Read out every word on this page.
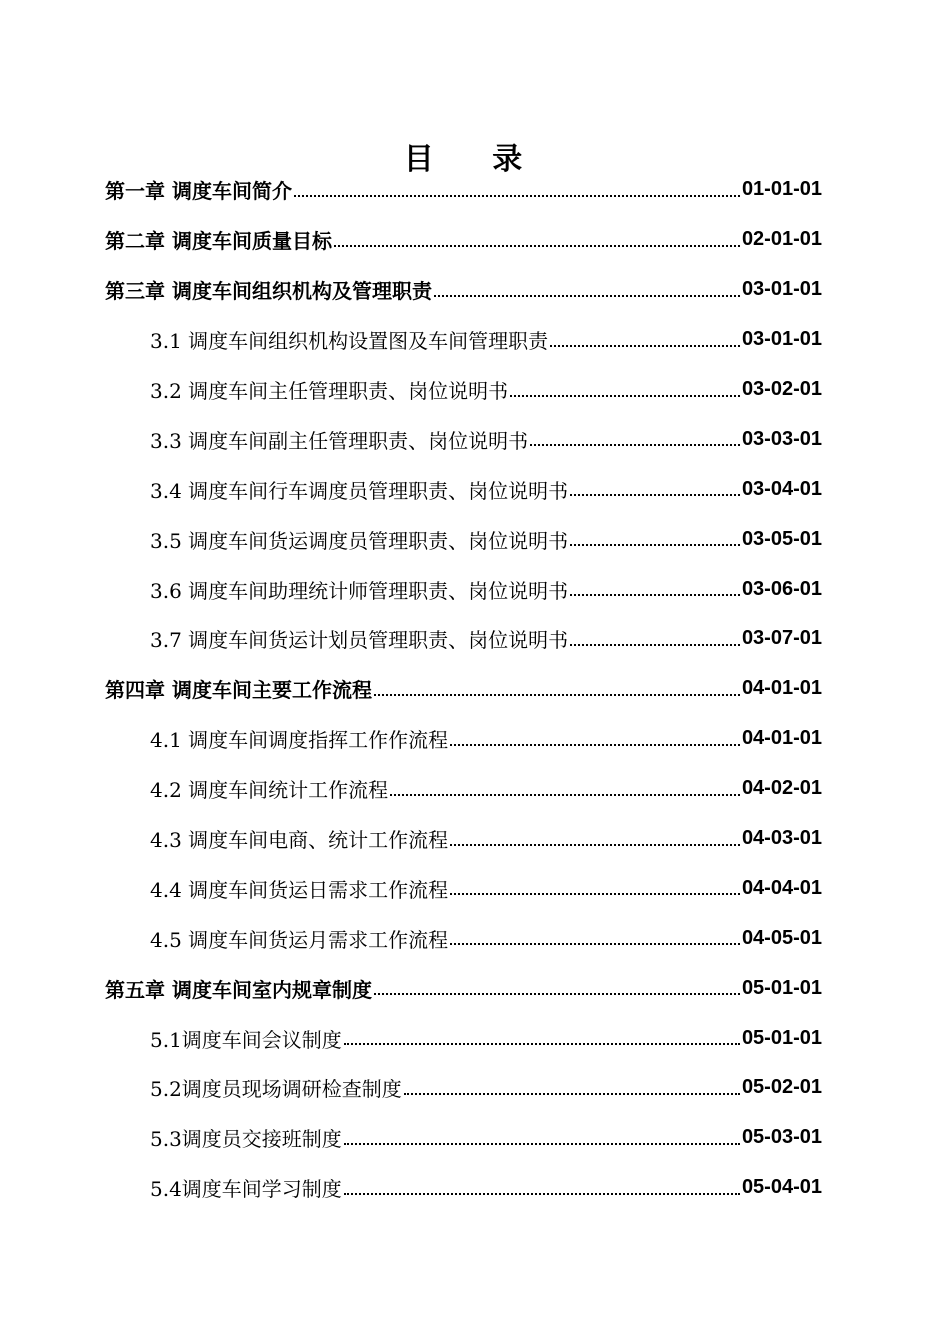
目 录
第一章 调度车间简介	01-01-01
第二章 调度车间质量目标	02-01-01
第三章 调度车间组织机构及管理职责	03-01-01
3.1 调度车间组织机构设置图及车间管理职责	03-01-01
3.2 调度车间主任管理职责、岗位说明书	03-02-01
3.3 调度车间副主任管理职责、岗位说明书	03-03-01
3.4 调度车间行车调度员管理职责、岗位说明书	03-04-01
3.5 调度车间货运调度员管理职责、岗位说明书	03-05-01
3.6 调度车间助理统计师管理职责、岗位说明书	03-06-01
3.7 调度车间货运计划员管理职责、岗位说明书	03-07-01
第四章 调度车间主要工作流程	04-01-01
4.1 调度车间调度指挥工作作流程	04-01-01
4.2 调度车间统计工作流程	04-02-01
4.3 调度车间电商、统计工作流程	04-03-01
4.4 调度车间货运日需求工作流程	04-04-01
4.5 调度车间货运月需求工作流程	04-05-01
第五章 调度车间室内规章制度	05-01-01
5.1调度车间会议制度	05-01-01
5.2调度员现场调研检查制度	05-02-01
5.3调度员交接班制度	05-03-01
5.4调度车间学习制度	05-04-01
